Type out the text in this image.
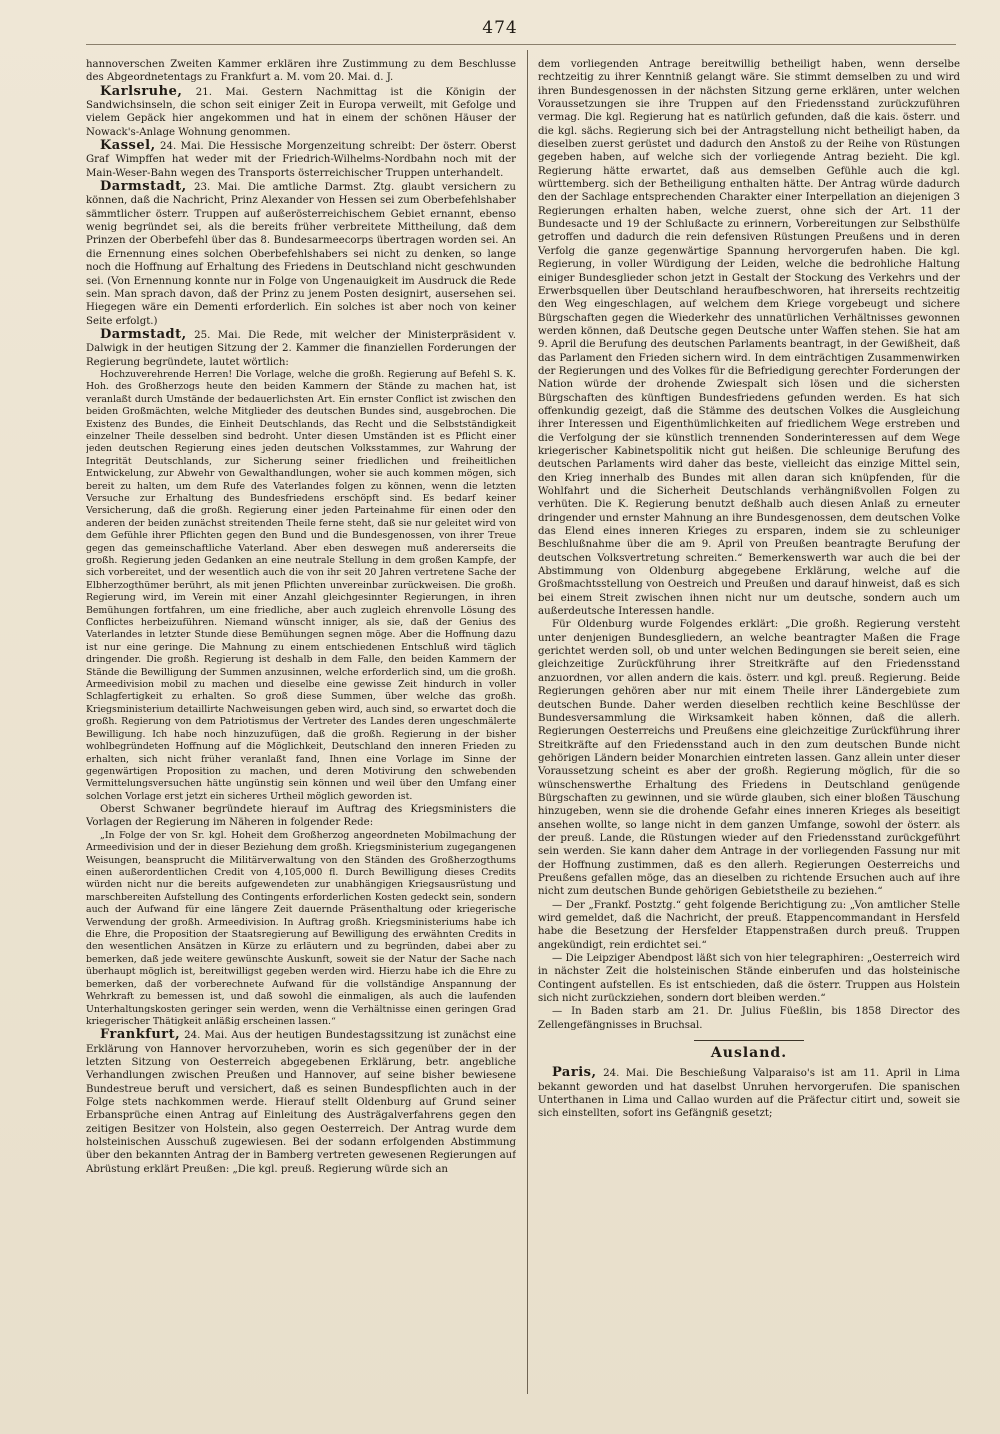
474

hannoverschen Zweiten Kammer erklären ihre Zustimmung zu dem Beschlusse des Abgeordnetentags zu Frankfurt a. M. vom 20. Mai. d. J.

Karlsruhe, 21. Mai. Gestern Nachmittag ist die Königin der Sandwichsinseln, die schon seit einiger Zeit in Europa verweilt, mit Gefolge und vielem Gepäck hier angekommen und hat in einem der schönen Häuser der Nowack's-Anlage Wohnung genommen.

Kassel, 24. Mai. Die Hessische Morgenzeitung schreibt: Der österr. Oberst Graf Wimpffen hat weder mit der Friedrich-Wilhelms-Nordbahn noch mit der Main-Weser-Bahn wegen des Transports österreichischer Truppen unterhandelt.

Darmstadt, 23. Mai. Die amtliche Darmst. Ztg. glaubt versichern zu können, daß die Nachricht, Prinz Alexander von Hessen sei zum Oberbefehlshaber sämmtlicher österr. Truppen auf außerösterreichischem Gebiet ernannt, ebenso wenig begründet sei, als die bereits früher verbreitete Mittheilung, daß dem Prinzen der Oberbefehl über das 8. Bundesarmeecorps übertragen worden sei. An die Ernennung eines solchen Oberbefehlshabers sei nicht zu denken, so lange noch die Hoffnung auf Erhaltung des Friedens in Deutschland nicht geschwunden sei. (Von Ernennung konnte nur in Folge von Ungenauigkeit im Ausdruck die Rede sein. Man sprach davon, daß der Prinz zu jenem Posten designirt, ausersehen sei. Hiegegen wäre ein Dementi erforderlich. Ein solches ist aber noch von keiner Seite erfolgt.)

Darmstadt, 25. Mai. Die Rede, mit welcher der Ministerpräsident v. Dalwigk in der heutigen Sitzung der 2. Kammer die finanziellen Forderungen der Regierung begründete, lautet wörtlich:

Hochzuverehrende Herren! Die Vorlage, welche die großh. Regierung auf Befehl S. K. Hoh. des Großherzogs heute den beiden Kammern der Stände zu machen hat, ist veranlaßt durch Umstände der bedauerlichsten Art. Ein ernster Conflict ist zwischen den beiden Großmächten, welche Mitglieder des deutschen Bundes sind, ausgebrochen. Die Existenz des Bundes, die Einheit Deutschlands, das Recht und die Selbstständigkeit einzelner Theile desselben sind bedroht. Unter diesen Umständen ist es Pflicht einer jeden deutschen Regierung eines jeden deutschen Volksstammes, zur Wahrung der Integrität Deutschlands, zur Sicherung seiner friedlichen und freiheitlichen Entwickelung, zur Abwehr von Gewalthandlungen, woher sie auch kommen mögen, sich bereit zu halten, um dem Rufe des Vaterlandes folgen zu können, wenn die letzten Versuche zur Erhaltung des Bundesfriedens erschöpft sind. Es bedarf keiner Versicherung, daß die großh. Regierung einer jeden Parteinahme für einen oder den anderen der beiden zunächst streitenden Theile ferne steht, daß sie nur geleitet wird von dem Gefühle ihrer Pflichten gegen den Bund und die Bundesgenossen, von ihrer Treue gegen das gemeinschaftliche Vaterland. Aber eben deswegen muß andererseits die großh. Regierung jeden Gedanken an eine neutrale Stellung in dem großen Kampfe, der sich vorbereitet, und der wesentlich auch die von ihr seit 20 Jahren vertretene Sache der Elbherzogthümer berührt, als mit jenen Pflichten unvereinbar zurückweisen. Die großh. Regierung wird, im Verein mit einer Anzahl gleichgesinnter Regierungen, in ihren Bemühungen fortfahren, um eine friedliche, aber auch zugleich ehrenvolle Lösung des Conflictes herbeizuführen. Niemand wünscht inniger, als sie, daß der Genius des Vaterlandes in letzter Stunde diese Bemühungen segnen möge. Aber die Hoffnung dazu ist nur eine geringe. Die Mahnung zu einem entschiedenen Entschluß wird täglich dringender. Die großh. Regierung ist deshalb in dem Falle, den beiden Kammern der Stände die Bewilligung der Summen anzusinnen, welche erforderlich sind, um die großh. Armeedivision mobil zu machen und dieselbe eine gewisse Zeit hindurch in voller Schlagfertigkeit zu erhalten. So groß diese Summen, über welche das großh. Kriegsministerium detaillirte Nachweisungen geben wird, auch sind, so erwartet doch die großh. Regierung von dem Patriotismus der Vertreter des Landes deren ungeschmälerte Bewilligung. Ich habe noch hinzuzufügen, daß die großh. Regierung in der bisher wohlbegründeten Hoffnung auf die Möglichkeit, Deutschland den inneren Frieden zu erhalten, sich nicht früher veranlaßt fand, Ihnen eine Vorlage im Sinne der gegenwärtigen Proposition zu machen, und deren Motivirung den schwebenden Vermittelungsversuchen hätte ungünstig sein können und weil über den Umfang einer solchen Vorlage erst jetzt ein sicheres Urtheil möglich geworden ist.

Oberst Schwaner begründete hierauf im Auftrag des Kriegsministers die Vorlagen der Regierung im Näheren in folgender Rede:

„In Folge der von Sr. kgl. Hoheit dem Großherzog angeordneten Mobilmachung der Armeedivision und der in dieser Beziehung dem großh. Kriegsministerium zugegangenen Weisungen, beansprucht die Militärverwaltung von den Ständen des Großherzogthums einen außerordentlichen Credit von 4,105,000 fl. Durch Bewilligung dieses Credits würden nicht nur die bereits aufgewendeten zur unabhängigen Kriegsausrüstung und marschbereiten Aufstellung des Contingents erforderlichen Kosten gedeckt sein, sondern auch der Aufwand für eine längere Zeit dauernde Präsenthaltung oder kriegerische Verwendung der großh. Armeedivision. In Auftrag großh. Kriegsministeriums habe ich die Ehre, die Proposition der Staatsregierung auf Bewilligung des erwähnten Credits in den wesentlichen Ansätzen in Kürze zu erläutern und zu begründen, dabei aber zu bemerken, daß jede weitere gewünschte Auskunft, soweit sie der Natur der Sache nach überhaupt möglich ist, bereitwilligst gegeben werden wird. Hierzu habe ich die Ehre zu bemerken, daß der vorberechnete Aufwand für die vollständige Anspannung der Wehrkraft zu bemessen ist, und daß sowohl die einmaligen, als auch die laufenden Unterhaltungskosten geringer sein werden, wenn die Verhältnisse einen geringen Grad kriegerischer Thätigkeit anläßig erscheinen lassen.“

Frankfurt, 24. Mai. Aus der heutigen Bundestagssitzung ist zunächst eine Erklärung von Hannover hervorzuheben, worin es sich gegenüber der in der letzten Sitzung von Oesterreich abgegebenen Erklärung, betr. angebliche Verhandlungen zwischen Preußen und Hannover, auf seine bisher bewiesene Bundestreue beruft und versichert, daß es seinen Bundespflichten auch in der Folge stets nachkommen werde. Hierauf stellt Oldenburg auf Grund seiner Erbansprüche einen Antrag auf Einleitung des Austrägalverfahrens gegen den zeitigen Besitzer von Holstein, also gegen Oesterreich. Der Antrag wurde dem holsteinischen Ausschuß zugewiesen. Bei der sodann erfolgenden Abstimmung über den bekannten Antrag der in Bamberg vertreten gewesenen Regierungen auf Abrüstung erklärt Preußen: „Die kgl. preuß. Regierung würde sich an

dem vorliegenden Antrage bereitwillig betheiligt haben, wenn derselbe rechtzeitig zu ihrer Kenntniß gelangt wäre. Sie stimmt demselben zu und wird ihren Bundesgenossen in der nächsten Sitzung gerne erklären, unter welchen Voraussetzungen sie ihre Truppen auf den Friedensstand zurückzuführen vermag. Die kgl. Regierung hat es natürlich gefunden, daß die kais. österr. und die kgl. sächs. Regierung sich bei der Antragstellung nicht betheiligt haben, da dieselben zuerst gerüstet und dadurch den Anstoß zu der Reihe von Rüstungen gegeben haben, auf welche sich der vorliegende Antrag bezieht. Die kgl. Regierung hätte erwartet, daß aus demselben Gefühle auch die kgl. württemberg. sich der Betheiligung enthalten hätte. Der Antrag würde dadurch den der Sachlage entsprechenden Charakter einer Interpellation an diejenigen 3 Regierungen erhalten haben, welche zuerst, ohne sich der Art. 11 der Bundesacte und 19 der Schlußacte zu erinnern, Vorbereitungen zur Selbsthülfe getroffen und dadurch die rein defensiven Rüstungen Preußens und in deren Verfolg die ganze gegenwärtige Spannung hervorgerufen haben. Die kgl. Regierung, in voller Würdigung der Leiden, welche die bedrohliche Haltung einiger Bundesglieder schon jetzt in Gestalt der Stockung des Verkehrs und der Erwerbsquellen über Deutschland heraufbeschworen, hat ihrerseits rechtzeitig den Weg eingeschlagen, auf welchem dem Kriege vorgebeugt und sichere Bürgschaften gegen die Wiederkehr des unnatürlichen Verhältnisses gewonnen werden können, daß Deutsche gegen Deutsche unter Waffen stehen. Sie hat am 9. April die Berufung des deutschen Parlaments beantragt, in der Gewißheit, daß das Parlament den Frieden sichern wird. In dem einträchtigen Zusammenwirken der Regierungen und des Volkes für die Befriedigung gerechter Forderungen der Nation würde der drohende Zwiespalt sich lösen und die sichersten Bürgschaften des künftigen Bundesfriedens gefunden werden. Es hat sich offenkundig gezeigt, daß die Stämme des deutschen Volkes die Ausgleichung ihrer Interessen und Eigenthümlichkeiten auf friedlichem Wege erstreben und die Verfolgung der sie künstlich trennenden Sonderinteressen auf dem Wege kriegerischer Kabinetspolitik nicht gut heißen. Die schleunige Berufung des deutschen Parlaments wird daher das beste, vielleicht das einzige Mittel sein, den Krieg innerhalb des Bundes mit allen daran sich knüpfenden, für die Wohlfahrt und die Sicherheit Deutschlands verhängnißvollen Folgen zu verhüten. Die K. Regierung benutzt deßhalb auch diesen Anlaß zu erneuter dringender und ernster Mahnung an ihre Bundesgenossen, dem deutschen Volke das Elend eines inneren Krieges zu ersparen, indem sie zu schleuniger Beschlußnahme über die am 9. April von Preußen beantragte Berufung der deutschen Volksvertretung schreiten.“ Bemerkenswerth war auch die bei der Abstimmung von Oldenburg abgegebene Erklärung, welche auf die Großmachtsstellung von Oestreich und Preußen und darauf hinweist, daß es sich bei einem Streit zwischen ihnen nicht nur um deutsche, sondern auch um außerdeutsche Interessen handle.

Für Oldenburg wurde Folgendes erklärt: „Die großh. Regierung versteht unter denjenigen Bundesgliedern, an welche beantragter Maßen die Frage gerichtet werden soll, ob und unter welchen Bedingungen sie bereit seien, eine gleichzeitige Zurückführung ihrer Streitkräfte auf den Friedensstand anzuordnen, vor allen andern die kais. österr. und kgl. preuß. Regierung. Beide Regierungen gehören aber nur mit einem Theile ihrer Ländergebiete zum deutschen Bunde. Daher werden dieselben rechtlich keine Beschlüsse der Bundesversammlung die Wirksamkeit haben können, daß die allerh. Regierungen Oesterreichs und Preußens eine gleichzeitige Zurückführung ihrer Streitkräfte auf den Friedensstand auch in den zum deutschen Bunde nicht gehörigen Ländern beider Monarchien eintreten lassen. Ganz allein unter dieser Voraussetzung scheint es aber der großh. Regierung möglich, für die so wünschenswerthe Erhaltung des Friedens in Deutschland genügende Bürgschaften zu gewinnen, und sie würde glauben, sich einer bloßen Täuschung hinzugeben, wenn sie die drohende Gefahr eines inneren Krieges als beseitigt ansehen wollte, so lange nicht in dem ganzen Umfange, sowohl der österr. als der preuß. Lande, die Rüstungen wieder auf den Friedensstand zurückgeführt sein werden. Sie kann daher dem Antrage in der vorliegenden Fassung nur mit der Hoffnung zustimmen, daß es den allerh. Regierungen Oesterreichs und Preußens gefallen möge, das an dieselben zu richtende Ersuchen auch auf ihre nicht zum deutschen Bunde gehörigen Gebietstheile zu beziehen.“

— Der „Frankf. Postztg.“ geht folgende Berichtigung zu: „Von amtlicher Stelle wird gemeldet, daß die Nachricht, der preuß. Etappencommandant in Hersfeld habe die Besetzung der Hersfelder Etappenstraßen durch preuß. Truppen angekündigt, rein erdichtet sei.“

— Die Leipziger Abendpost läßt sich von hier telegraphiren: „Oesterreich wird in nächster Zeit die holsteinischen Stände einberufen und das holsteinische Contingent aufstellen. Es ist entschieden, daß die österr. Truppen aus Holstein sich nicht zurückziehen, sondern dort bleiben werden.“

— In Baden starb am 21. Dr. Julius Füeßlin, bis 1858 Director des Zellengefängnisses in Bruchsal.

Ausland.

Paris, 24. Mai. Die Beschießung Valparaiso's ist am 11. April in Lima bekannt geworden und hat daselbst Unruhen hervorgerufen. Die spanischen Unterthanen in Lima und Callao wurden auf die Präfectur citirt und, soweit sie sich einstellten, sofort ins Gefängniß gesetzt;
